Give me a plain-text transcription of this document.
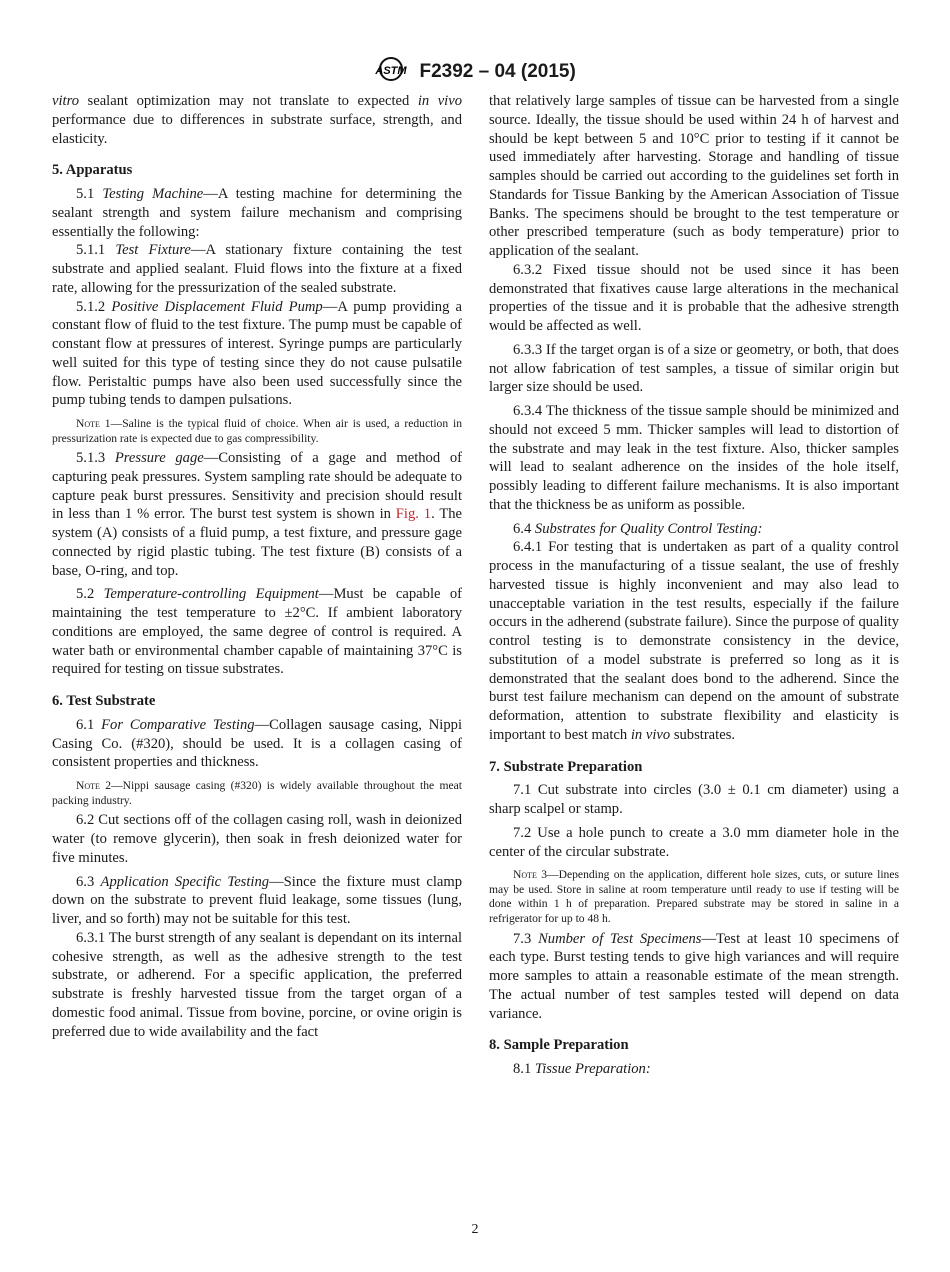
ASTM F2392 – 04 (2015)

vitro sealant optimization may not translate to expected in vivo performance due to differences in substrate surface, strength, and elasticity.

5. Apparatus

5.1 Testing Machine—A testing machine for determining the sealant strength and system failure mechanism and comprising essentially the following:

5.1.1 Test Fixture—A stationary fixture containing the test substrate and applied sealant. Fluid flows into the fixture at a fixed rate, allowing for the pressurization of the sealed substrate.

5.1.2 Positive Displacement Fluid Pump—A pump providing a constant flow of fluid to the test fixture. The pump must be capable of constant flow at pressures of interest. Syringe pumps are particularly well suited for this type of testing since they do not cause pulsatile flow. Peristaltic pumps have also been used successfully since the pump tubing tends to dampen pulsations.

Note 1—Saline is the typical fluid of choice. When air is used, a reduction in pressurization rate is expected due to gas compressibility.

5.1.3 Pressure gage—Consisting of a gage and method of capturing peak pressures. System sampling rate should be adequate to capture peak burst pressures. Sensitivity and precision should result in less than 1 % error. The burst test system is shown in Fig. 1. The system (A) consists of a fluid pump, a test fixture, and pressure gage connected by rigid plastic tubing. The test fixture (B) consists of a base, O-ring, and top.

5.2 Temperature-controlling Equipment—Must be capable of maintaining the test temperature to ±2°C. If ambient laboratory conditions are employed, the same degree of control is required. A water bath or environmental chamber capable of maintaining 37°C is required for testing on tissue substrates.

6. Test Substrate

6.1 For Comparative Testing—Collagen sausage casing, Nippi Casing Co. (#320), should be used. It is a collagen casing of consistent properties and thickness.

Note 2—Nippi sausage casing (#320) is widely available throughout the meat packing industry.

6.2 Cut sections off of the collagen casing roll, wash in deionized water (to remove glycerin), then soak in fresh deionized water for five minutes.

6.3 Application Specific Testing—Since the fixture must clamp down on the substrate to prevent fluid leakage, some tissues (lung, liver, and so forth) may not be suitable for this test.

6.3.1 The burst strength of any sealant is dependant on its internal cohesive strength, as well as the adhesive strength to the test substrate, or adherend. For a specific application, the preferred substrate is freshly harvested tissue from the target organ of a domestic food animal. Tissue from bovine, porcine, or ovine origin is preferred due to wide availability and the fact

that relatively large samples of tissue can be harvested from a single source. Ideally, the tissue should be used within 24 h of harvest and should be kept between 5 and 10°C prior to testing if it cannot be used immediately after harvesting. Storage and handling of tissue samples should be carried out according to the guidelines set forth in Standards for Tissue Banking by the American Association of Tissue Banks. The specimens should be brought to the test temperature or other prescribed temperature (such as body temperature) prior to application of the sealant.

6.3.2 Fixed tissue should not be used since it has been demonstrated that fixatives cause large alterations in the mechanical properties of the tissue and it is probable that the adhesive strength would be affected as well.

6.3.3 If the target organ is of a size or geometry, or both, that does not allow fabrication of test samples, a tissue of similar origin but larger size should be used.

6.3.4 The thickness of the tissue sample should be minimized and should not exceed 5 mm. Thicker samples will lead to distortion of the substrate and may leak in the test fixture. Also, thicker samples will lead to sealant adherence on the insides of the hole itself, possibly leading to different failure mechanisms. It is also important that the thickness be as uniform as possible.

6.4 Substrates for Quality Control Testing:

6.4.1 For testing that is undertaken as part of a quality control process in the manufacturing of a tissue sealant, the use of freshly harvested tissue is highly inconvenient and may also lead to unacceptable variation in the test results, especially if the failure occurs in the adherend (substrate failure). Since the purpose of quality control testing is to demonstrate consistency in the device, substitution of a model substrate is preferred so long as it is demonstrated that the sealant does bond to the adherend. Since the burst test failure mechanism can depend on the amount of substrate deformation, attention to substrate flexibility and elasticity is important to best match in vivo substrates.

7. Substrate Preparation

7.1 Cut substrate into circles (3.0 ± 0.1 cm diameter) using a sharp scalpel or stamp.

7.2 Use a hole punch to create a 3.0 mm diameter hole in the center of the circular substrate.

Note 3—Depending on the application, different hole sizes, cuts, or suture lines may be used. Store in saline at room temperature until ready to use if testing will be done within 1 h of preparation. Prepared substrate may be stored in saline in a refrigerator for up to 48 h.

7.3 Number of Test Specimens—Test at least 10 specimens of each type. Burst testing tends to give high variances and will require more samples to attain a reasonable estimate of the mean strength. The actual number of test samples tested will depend on data variance.

8. Sample Preparation

8.1 Tissue Preparation:

2
